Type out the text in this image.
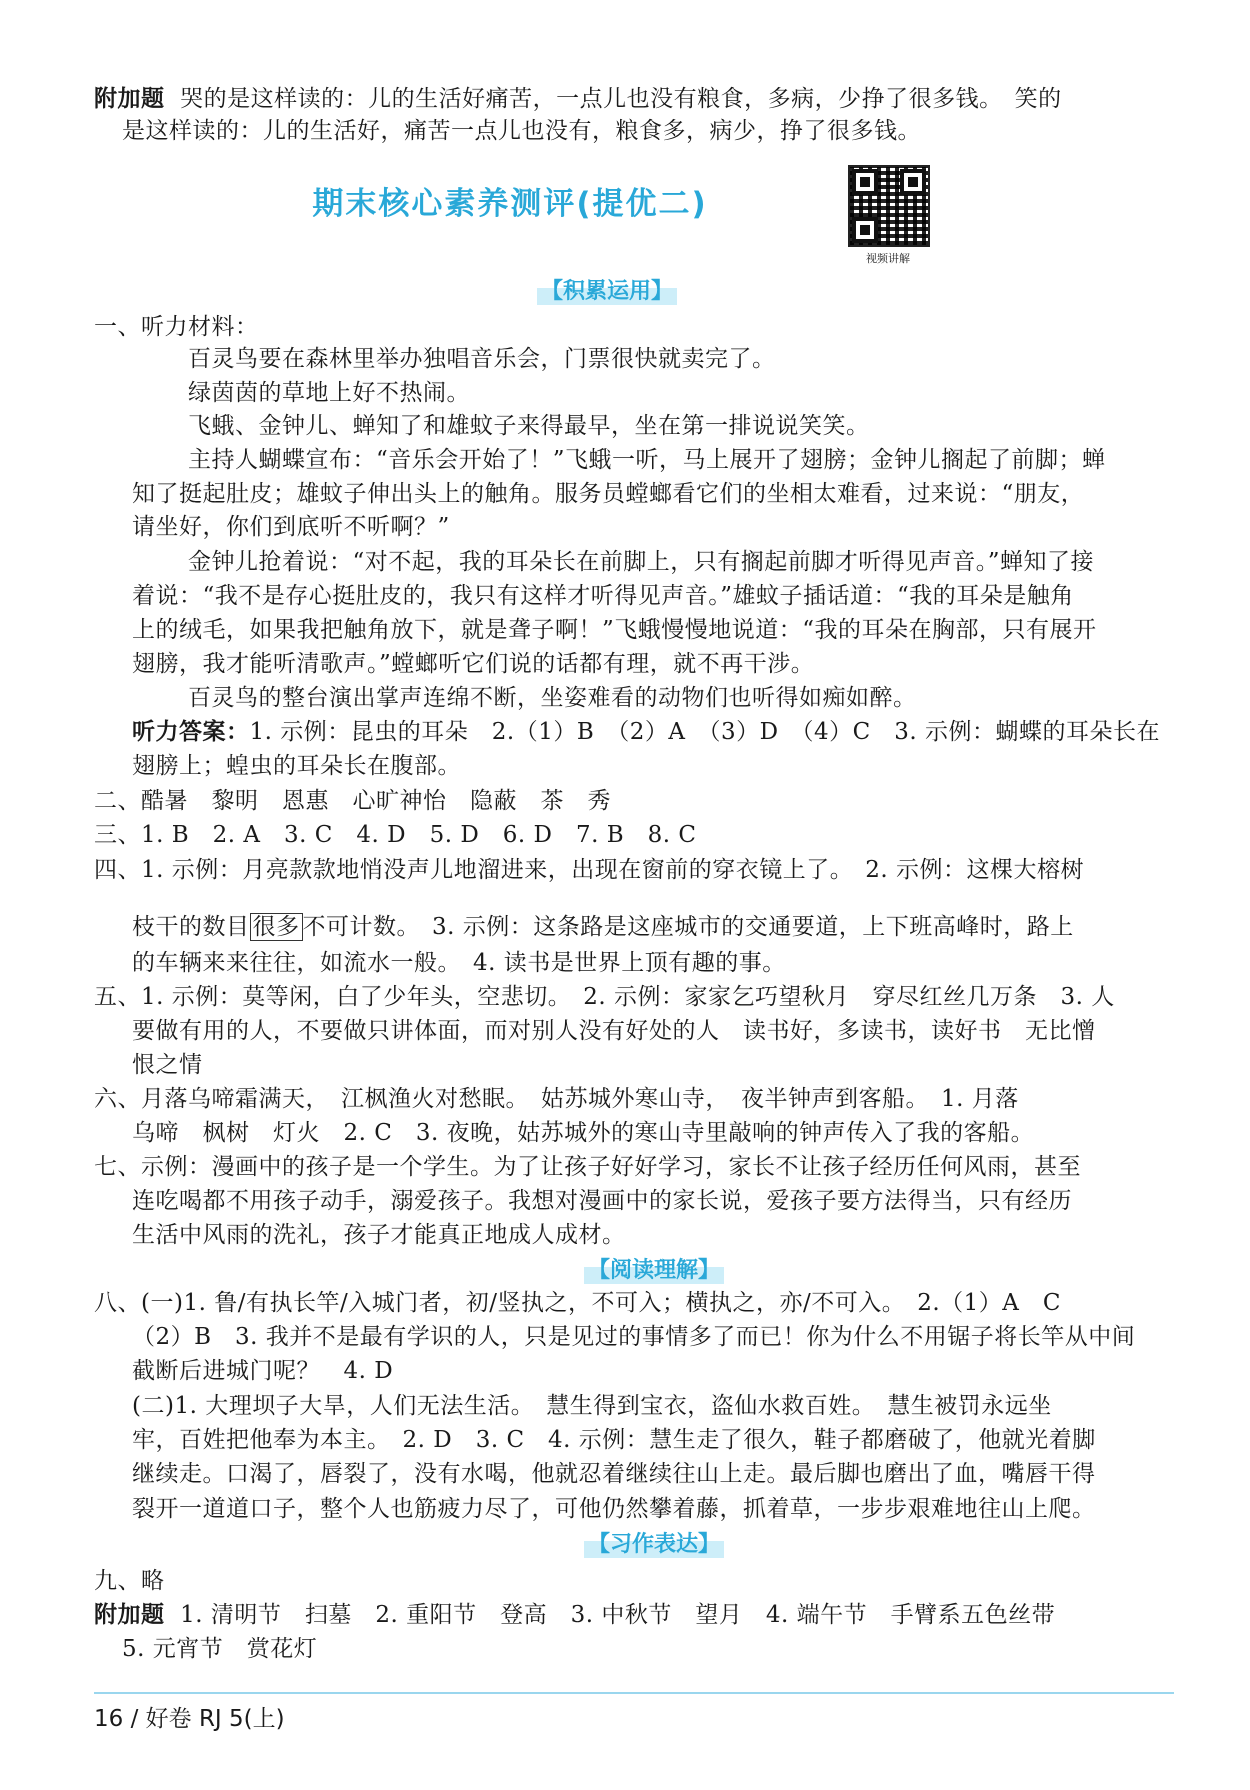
附加题 哭的是这样读的：儿的生活好痛苦，一点儿也没有粮食，多病，少挣了很多钱。　笑的
是这样读的：儿的生活好，痛苦一点儿也没有，粮食多，病少，挣了很多钱。
期末核心素养测评(提优二)
视频讲解
【积累运用】
一、听力材料：
百灵鸟要在森林里举办独唱音乐会，门票很快就卖完了。
绿茵茵的草地上好不热闹。
飞蛾、金钟儿、蝉知了和雄蚊子来得最早，坐在第一排说说笑笑。
主持人蝴蝶宣布：“音乐会开始了！”飞蛾一听，马上展开了翅膀；金钟儿搁起了前脚；蝉
知了挺起肚皮；雄蚊子伸出头上的触角。服务员螳螂看它们的坐相太难看，过来说：“朋友，
请坐好，你们到底听不听啊？”
金钟儿抢着说：“对不起，我的耳朵长在前脚上，只有搁起前脚才听得见声音。”蝉知了接
着说：“我不是存心挺肚皮的，我只有这样才听得见声音。”雄蚊子插话道：“我的耳朵是触角
上的绒毛，如果我把触角放下，就是聋子啊！”飞蛾慢慢地说道：“我的耳朵在胸部，只有展开
翅膀，我才能听清歌声。”螳螂听它们说的话都有理，就不再干涉。
百灵鸟的整台演出掌声连绵不断，坐姿难看的动物们也听得如痴如醉。
听力答案：1. 示例：昆虫的耳朵　2.（1）B　（2）A　（3）D　（4）C　3. 示例：蝴蝶的耳朵长在
翅膀上；蝗虫的耳朵长在腹部。
二、酷暑　黎明　恩惠　心旷神怡　隐蔽　茶　秀
三、1. B　2. A　3. C　4. D　5. D　6. D　7. B　8. C
四、1. 示例：月亮款款地悄没声儿地溜进来，出现在窗前的穿衣镜上了。　2. 示例：这棵大榕树
枝干的数目 很多 不可计数。　3. 示例：这条路是这座城市的交通要道，上下班高峰时，路上
的车辆来来往往，如流水一般。　4. 读书是世界上顶有趣的事。
五、1. 示例：莫等闲，白了少年头，空悲切。　2. 示例：家家乞巧望秋月　穿尽红丝几万条　3. 人
要做有用的人，不要做只讲体面，而对别人没有好处的人　读书好，多读书，读好书　无比憎
恨之情
六、月落乌啼霜满天，　江枫渔火对愁眠。　姑苏城外寒山寺，　夜半钟声到客船。　1. 月落
乌啼　枫树　灯火　2. C　3. 夜晚，姑苏城外的寒山寺里敲响的钟声传入了我的客船。
七、示例：漫画中的孩子是一个学生。为了让孩子好好学习，家长不让孩子经历任何风雨，甚至
连吃喝都不用孩子动手，溺爱孩子。我想对漫画中的家长说，爱孩子要方法得当，只有经历
生活中风雨的洗礼，孩子才能真正地成人成材。
【阅读理解】
八、(一)1. 鲁/有执长竿/入城门者，初/竖执之，不可入；横执之，亦/不可入。　2.（1）A　C
（2）B　3. 我并不是最有学识的人，只是见过的事情多了而已！你为什么不用锯子将长竿从中间
截断后进城门呢？　4. D
(二)1. 大理坝子大旱，人们无法生活。　慧生得到宝衣，盗仙水救百姓。　慧生被罚永远坐
牢，百姓把他奉为本主。　2. D　3. C　4. 示例：慧生走了很久，鞋子都磨破了，他就光着脚
继续走。口渴了，唇裂了，没有水喝，他就忍着继续往山上走。最后脚也磨出了血，嘴唇干得
裂开一道道口子，整个人也筋疲力尽了，可他仍然攀着藤，抓着草，一步步艰难地往山上爬。
【习作表达】
九、略
附加题 1. 清明节　扫墓　2. 重阳节　登高　3. 中秋节　望月　4. 端午节　手臂系五色丝带
5. 元宵节　赏花灯
16 / 好卷 RJ 5(上)
